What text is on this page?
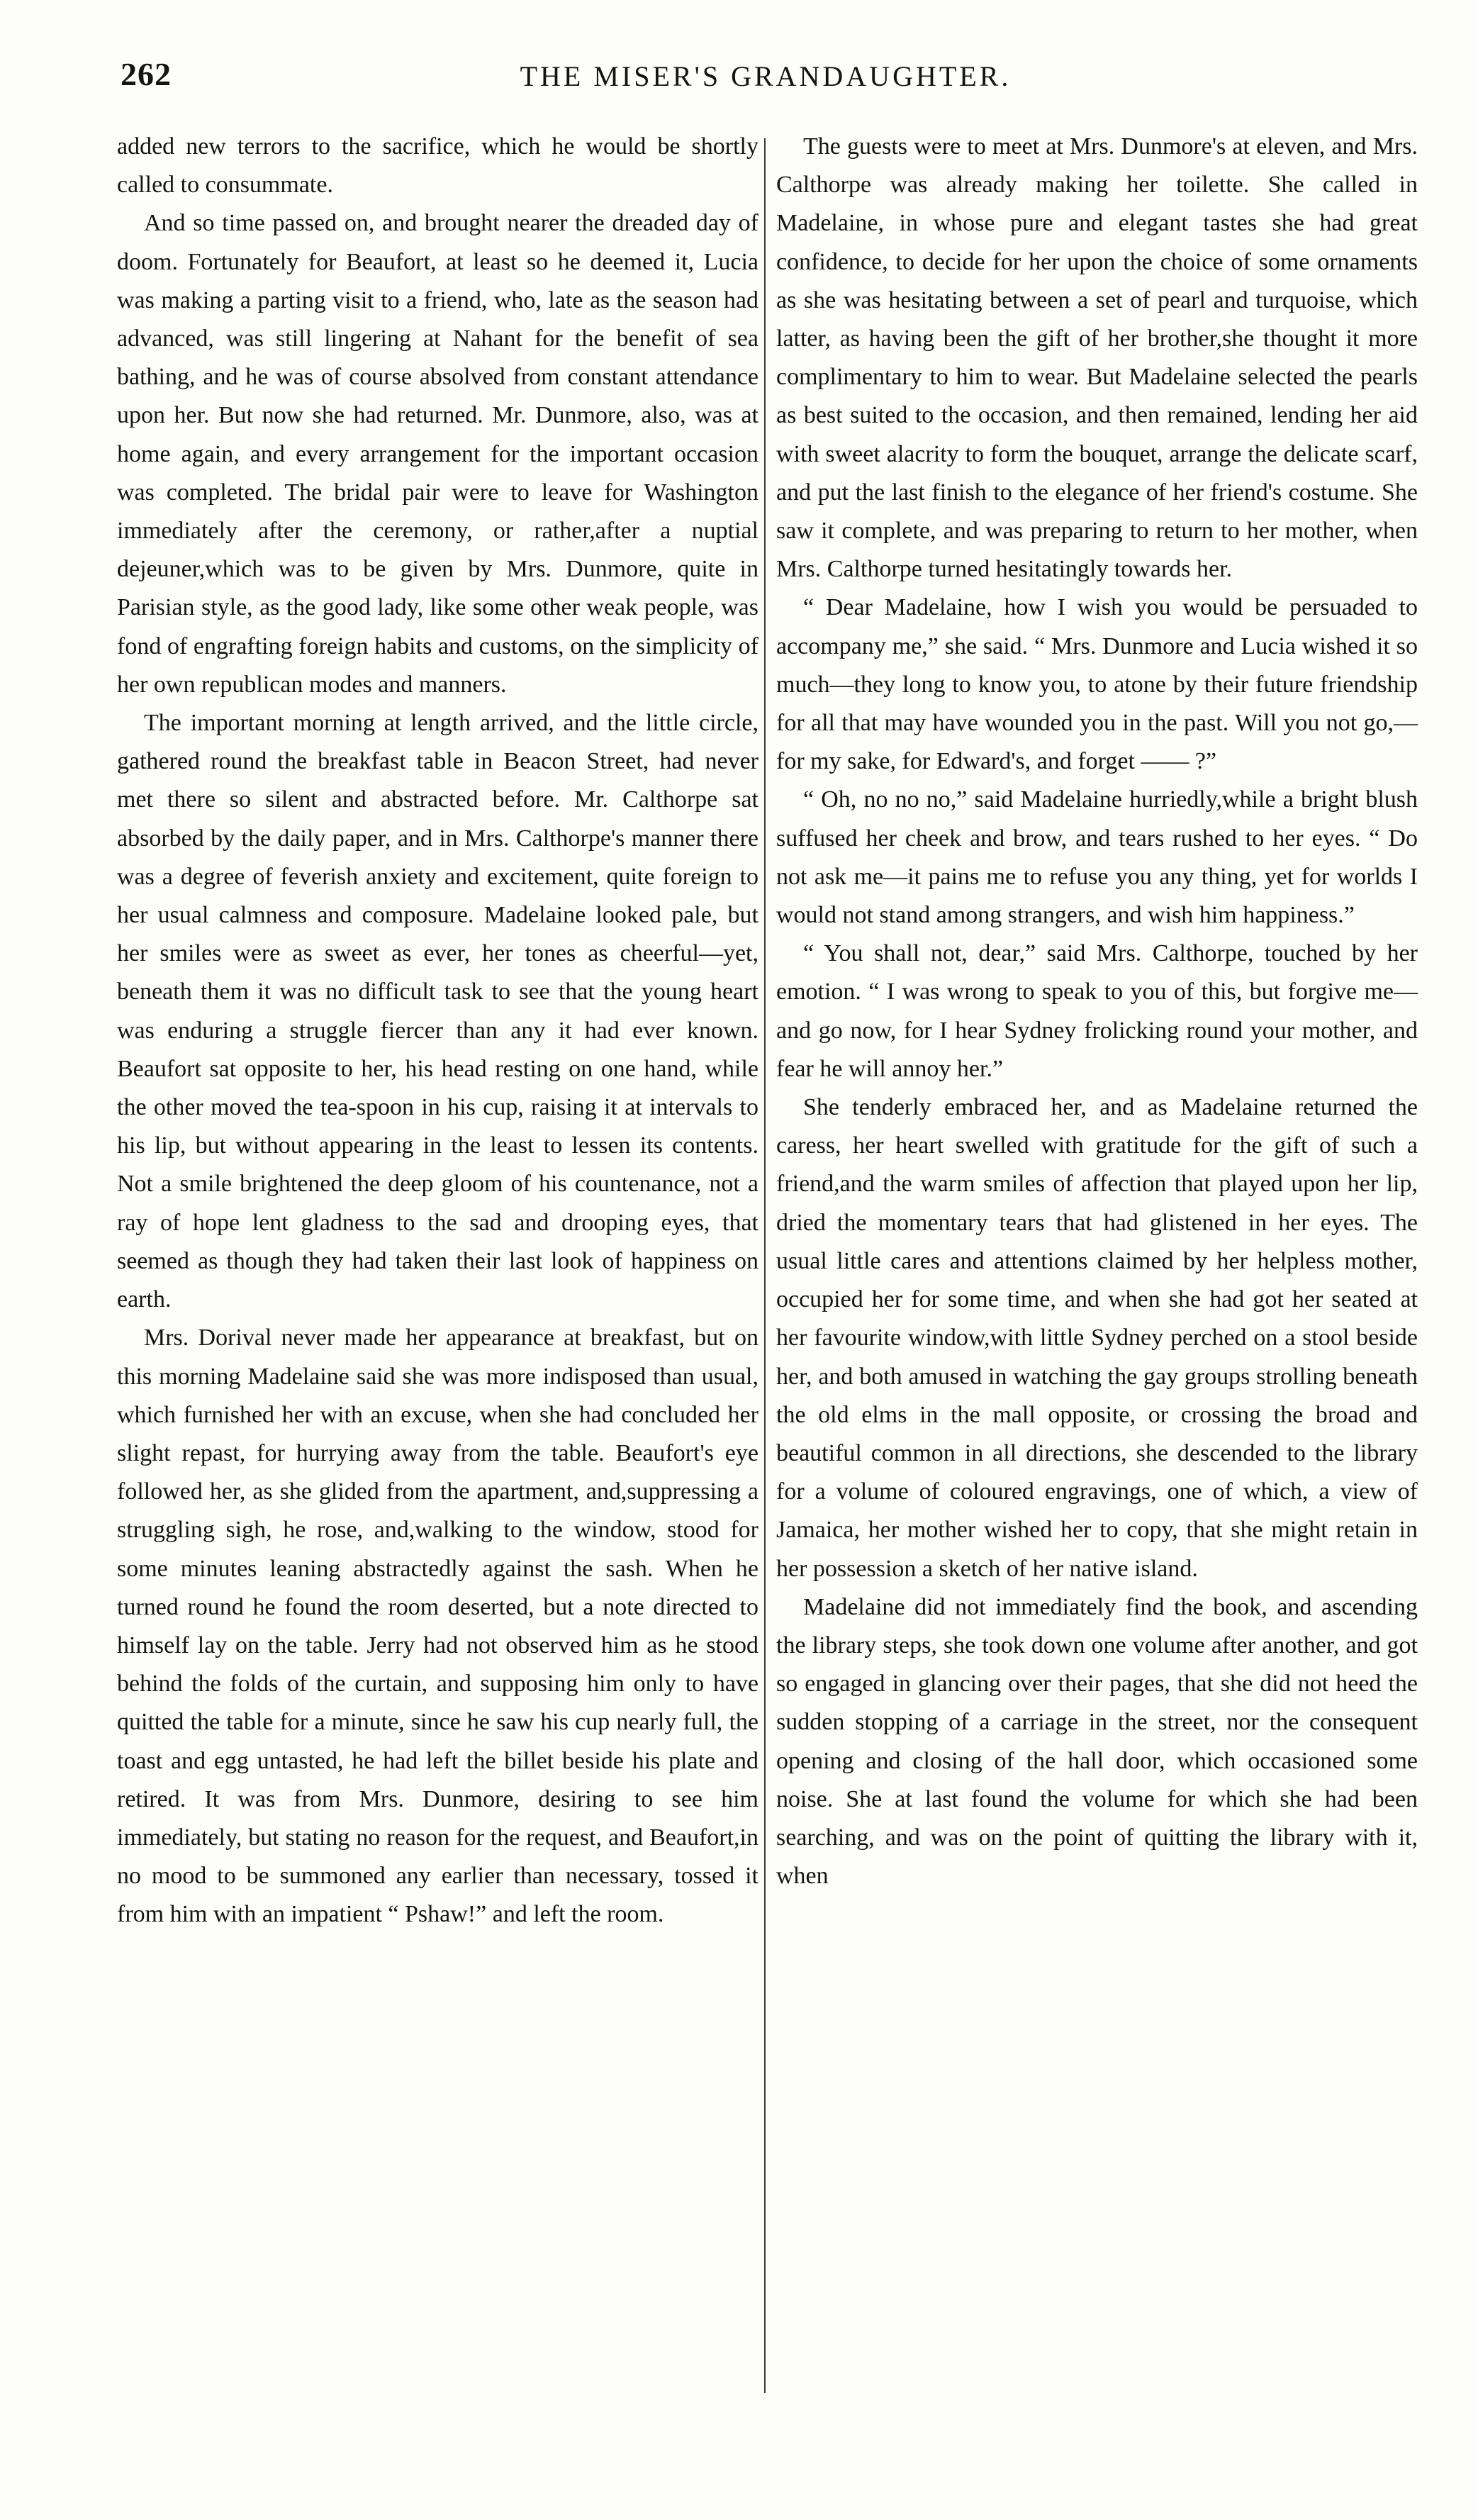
262	THE MISER'S GRANDAUGHTER.

added new terrors to the sacrifice, which he would be shortly called to consummate.

And so time passed on, and brought nearer the dreaded day of doom. Fortunately for Beaufort, at least so he deemed it, Lucia was making a parting visit to a friend, who, late as the season had advanced, was still lingering at Nahant for the benefit of sea bathing, and he was of course absolved from constant attendance upon her. But now she had returned. Mr. Dunmore, also, was at home again, and every arrangement for the important occasion was completed. The bridal pair were to leave for Washington immediately after the ceremony, or rather,after a nuptial dejeuner,which was to be given by Mrs. Dunmore, quite in Parisian style, as the good lady, like some other weak people, was fond of engrafting foreign habits and customs, on the simplicity of her own republican modes and manners.

The important morning at length arrived, and the little circle, gathered round the breakfast table in Beacon Street, had never met there so silent and abstracted before. Mr. Calthorpe sat absorbed by the daily paper, and in Mrs. Calthorpe's manner there was a degree of feverish anxiety and excitement, quite foreign to her usual calmness and composure. Madelaine looked pale, but her smiles were as sweet as ever, her tones as cheerful—yet, beneath them it was no difficult task to see that the young heart was enduring a struggle fiercer than any it had ever known. Beaufort sat opposite to her, his head resting on one hand, while the other moved the tea-spoon in his cup, raising it at intervals to his lip, but without appearing in the least to lessen its contents. Not a smile brightened the deep gloom of his countenance, not a ray of hope lent gladness to the sad and drooping eyes, that seemed as though they had taken their last look of happiness on earth.

Mrs. Dorival never made her appearance at breakfast, but on this morning Madelaine said she was more indisposed than usual, which furnished her with an excuse, when she had concluded her slight repast, for hurrying away from the table. Beaufort's eye followed her, as she glided from the apartment, and,suppressing a struggling sigh, he rose, and,walking to the window, stood for some minutes leaning abstractedly against the sash. When he turned round he found the room deserted, but a note directed to himself lay on the table. Jerry had not observed him as he stood behind the folds of the curtain, and supposing him only to have quitted the table for a minute, since he saw his cup nearly full, the toast and egg untasted, he had left the billet beside his plate and retired. It was from Mrs. Dunmore, desiring to see him immediately, but stating no reason for the request, and Beaufort,in no mood to be summoned any earlier than necessary, tossed it from him with an impatient “ Pshaw!” and left the room.

The guests were to meet at Mrs. Dunmore's at eleven, and Mrs. Calthorpe was already making her toilette. She called in Madelaine, in whose pure and elegant tastes she had great confidence, to decide for her upon the choice of some ornaments as she was hesitating between a set of pearl and turquoise, which latter, as having been the gift of her brother,she thought it more complimentary to him to wear. But Madelaine selected the pearls as best suited to the occasion, and then remained, lending her aid with sweet alacrity to form the bouquet, arrange the delicate scarf, and put the last finish to the elegance of her friend's costume. She saw it complete, and was preparing to return to her mother, when Mrs. Calthorpe turned hesitatingly towards her.

“ Dear Madelaine, how I wish you would be persuaded to accompany me,” she said. “ Mrs. Dunmore and Lucia wished it so much—they long to know you, to atone by their future friendship for all that may have wounded you in the past. Will you not go,—for my sake, for Edward's, and forget —— ?”

“ Oh, no no no,” said Madelaine hurriedly,while a bright blush suffused her cheek and brow, and tears rushed to her eyes. “ Do not ask me—it pains me to refuse you any thing, yet for worlds I would not stand among strangers, and wish him happiness.”

“ You shall not, dear,” said Mrs. Calthorpe, touched by her emotion. “ I was wrong to speak to you of this, but forgive me—and go now, for I hear Sydney frolicking round your mother, and fear he will annoy her.”

She tenderly embraced her, and as Madelaine returned the caress, her heart swelled with gratitude for the gift of such a friend,and the warm smiles of affection that played upon her lip, dried the momentary tears that had glistened in her eyes. The usual little cares and attentions claimed by her helpless mother, occupied her for some time, and when she had got her seated at her favourite window,with little Sydney perched on a stool beside her, and both amused in watching the gay groups strolling beneath the old elms in the mall opposite, or crossing the broad and beautiful common in all directions, she descended to the library for a volume of coloured engravings, one of which, a view of Jamaica, her mother wished her to copy, that she might retain in her possession a sketch of her native island.

Madelaine did not immediately find the book, and ascending the library steps, she took down one volume after another, and got so engaged in glancing over their pages, that she did not heed the sudden stopping of a carriage in the street, nor the consequent opening and closing of the hall door, which occasioned some noise. She at last found the volume for which she had been searching, and was on the point of quitting the library with it, when
